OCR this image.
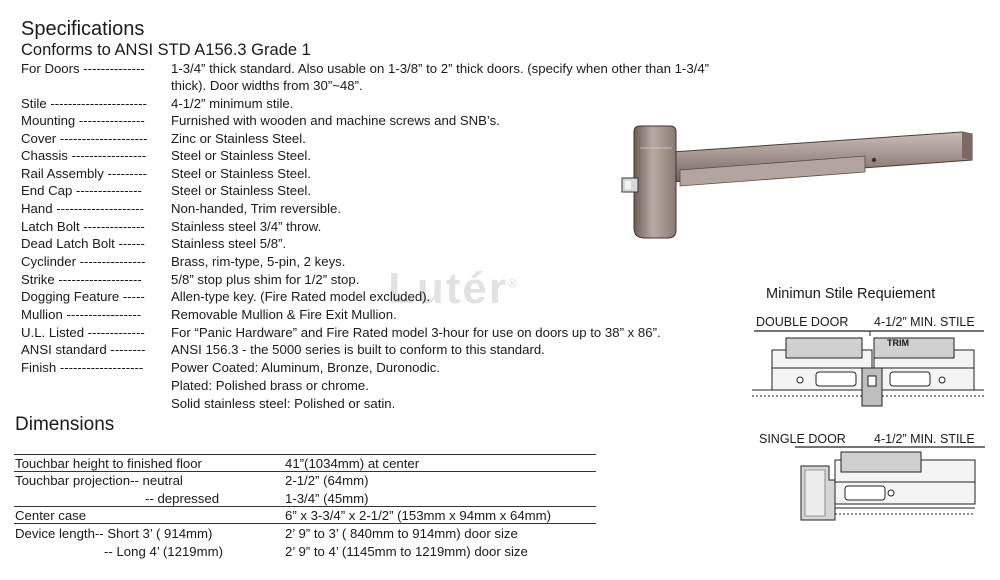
Specifications
Conforms to ANSI STD A156.3 Grade 1
Lutér®
For Doors -------------- 1-3/4” thick standard. Also usable on 1-3/8” to 2” thick doors. (specify when other than 1-3/4”
thick). Door widths from 30”~48”.
Stile ---------------------- 4-1/2” minimum stile.
Mounting --------------- Furnished with wooden and machine screws and SNB’s.
Cover -------------------- Zinc or Stainless Steel.
Chassis ----------------- Steel or Stainless Steel.
Rail Assembly --------- Steel or Stainless Steel.
End Cap --------------- Steel or Stainless Steel.
Hand -------------------- Non-handed, Trim reversible.
Latch Bolt -------------- Stainless steel 3/4” throw.
Dead Latch Bolt ------ Stainless steel 5/8”.
Cyclinder --------------- Brass, rim-type, 5-pin, 2 keys.
Strike ------------------- 5/8” stop plus shim for 1/2” stop.
Dogging Feature ----- Allen-type key. (Fire Rated model excluded).
Mullion ----------------- Removable Mullion & Fire Exit Mullion.
U.L. Listed ------------- For “Panic Hardware” and Fire Rated model 3-hour for use on doors up to 38” x 86”.
ANSI standard -------- ANSI 156.3 - the 5000 series is built to conform to this standard.
Finish ------------------- Power Coated: Aluminum, Bronze, Duronodic.
Plated: Polished brass or chrome.
Solid stainless steel: Polished or satin.
Dimensions
Touchbar height to finished floor	41”(1034mm) at center
Touchbar projection-- neutral	2-1/2” (64mm)
-- depressed	1-3/4” (45mm)
Center case	6” x 3-3/4” x 2-1/2” (153mm x 94mm x 64mm)
Device length-- Short 3’ ( 914mm)	2’ 9” to 3’ ( 840mm to 914mm) door size
-- Long 4’ (1219mm)	2’ 9” to 4’ (1145mm to 1219mm) door size
Minimun Stile Requiement
DOUBLE DOOR 4-1/2” MIN. STILE
TRIM
SINGLE DOOR 4-1/2” MIN. STILE
